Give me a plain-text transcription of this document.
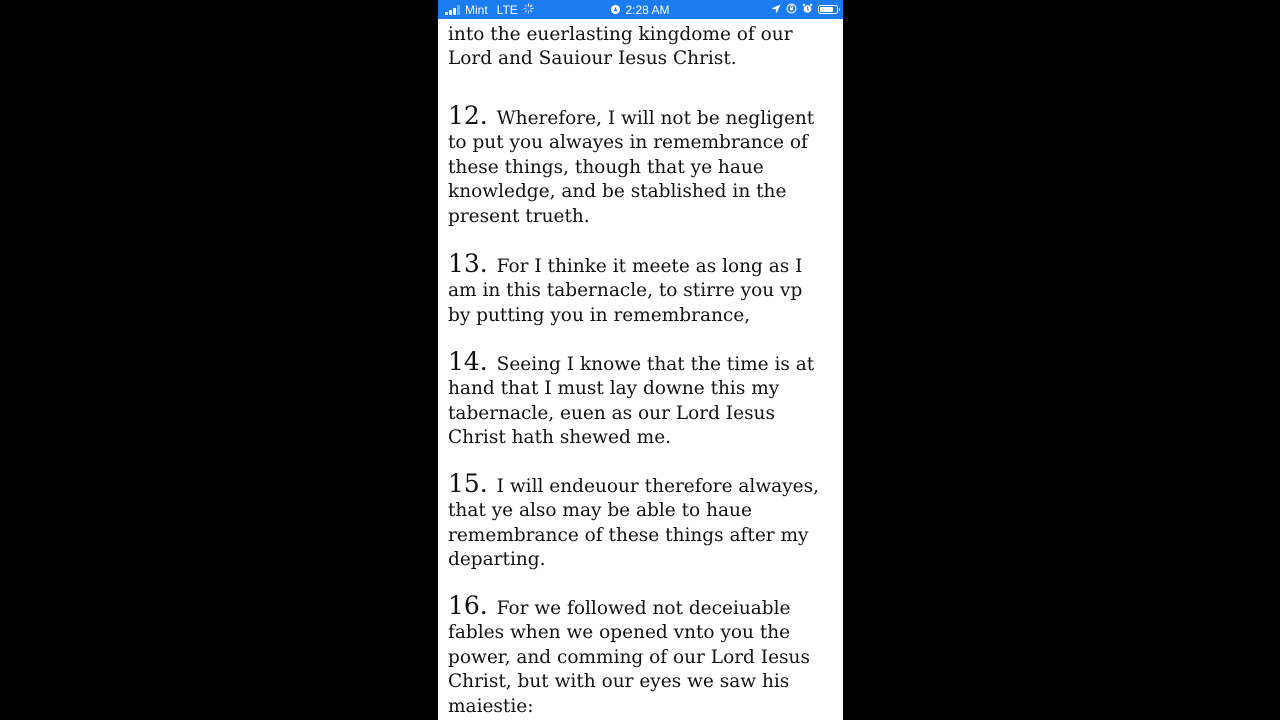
into the euerlasting kingdome of our
Lord and Sauiour Iesus Christ.
12. Wherefore, I will not be negligent
to put you alwayes in remembrance of
these things, though that ye haue
knowledge, and be stablished in the
present trueth.
13. For I thinke it meete as long as I
am in this tabernacle, to stirre you vp
by putting you in remembrance,
14. Seeing I knowe that the time is at
hand that I must lay downe this my
tabernacle, euen as our Lord Iesus
Christ hath shewed me.
15. I will endeuour therefore alwayes,
that ye also may be able to haue
remembrance of these things after my
departing.
16. For we followed not deceiuable
fables when we opened vnto you the
power, and comming of our Lord Iesus
Christ, but with our eyes we saw his
maiestie:
Mint LTE	2:28 AM
